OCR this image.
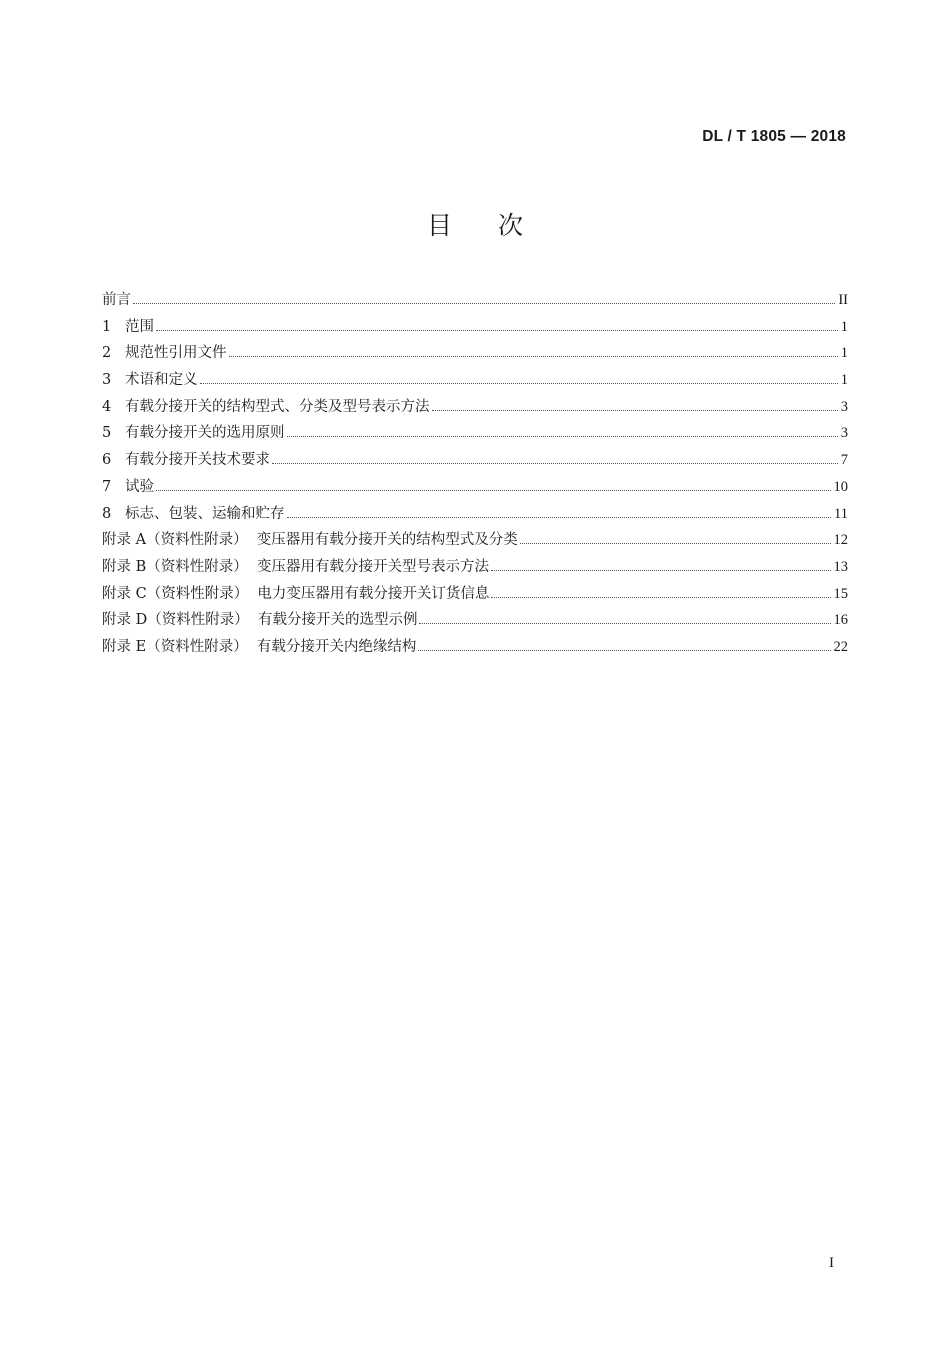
DL / T 1805 — 2018
目次
前言	II
1   范围	1
2   规范性引用文件	1
3   术语和定义	1
4   有载分接开关的结构型式、分类及型号表示方法	3
5   有载分接开关的选用原则	3
6   有载分接开关技术要求	7
7   试验	10
8   标志、包装、运输和贮存	11
附录 A（资料性附录）  变压器用有载分接开关的结构型式及分类	12
附录 B（资料性附录）  变压器用有载分接开关型号表示方法	13
附录 C（资料性附录）  电力变压器用有载分接开关订货信息	15
附录 D（资料性附录）  有载分接开关的选型示例	16
附录 E（资料性附录）  有载分接开关内绝缘结构	22
I
